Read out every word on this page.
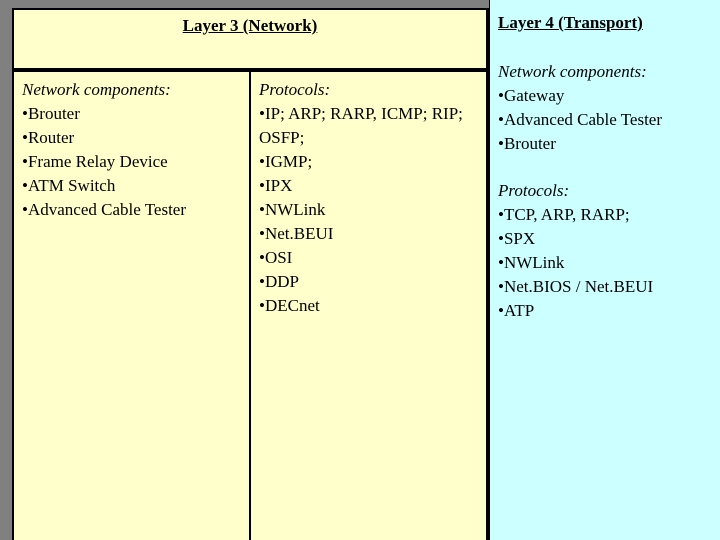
Layer 3 (Network)
Network components:
•Brouter
•Router
•Frame Relay Device
•ATM Switch
•Advanced Cable Tester
Protocols:
•IP; ARP; RARP, ICMP; RIP; OSFP;
•IGMP;
•IPX
•NWLink
•Net.BEUI
•OSI
•DDP
•DECnet
Layer 4 (Transport)
Network components:
•Gateway
•Advanced Cable Tester
•Brouter
Protocols:
•TCP, ARP, RARP;
•SPX
•NWLink
•Net.BIOS / Net.BEUI
•ATP
